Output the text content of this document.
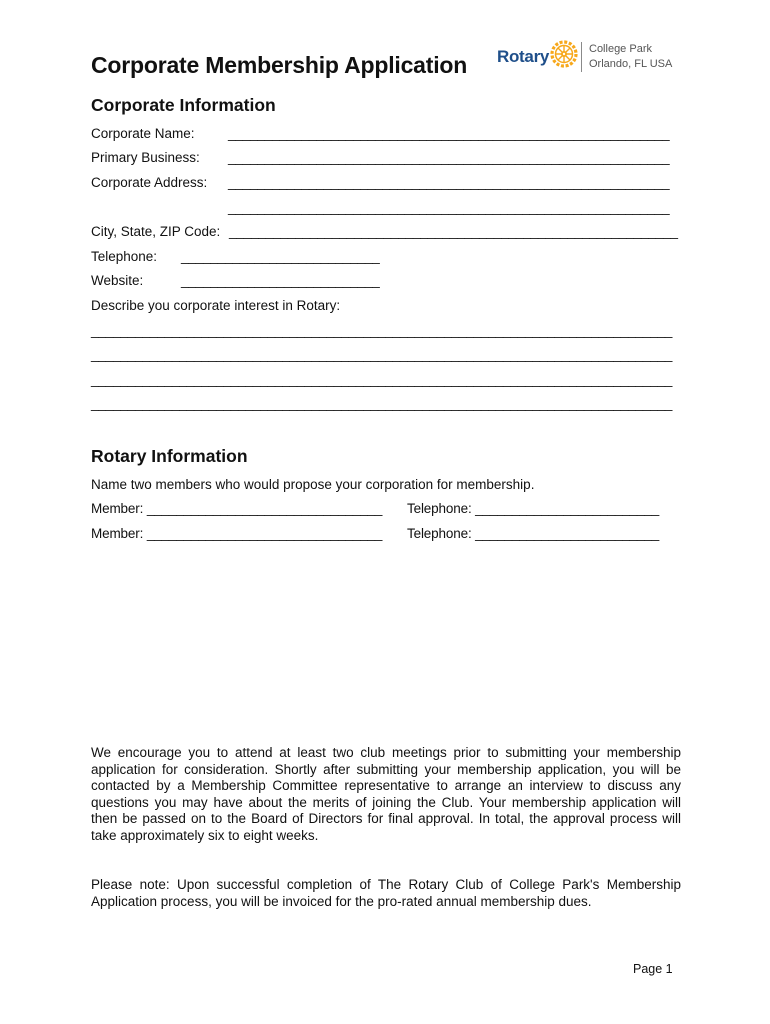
Corporate Membership Application Rotary	College Park
Orlando, FL USA
Corporate Information
Corporate Name: ____________________________________________________________
Primary Business: ____________________________________________________________
Corporate Address: ____________________________________________________________
____________________________________________________________
City, State, ZIP Code: _____________________________________________________________
Telephone: ___________________________
Website:	___________________________
Describe you corporate interest in Rotary:
_______________________________________________________________________________
_______________________________________________________________________________
_______________________________________________________________________________
_______________________________________________________________________________
Rotary Information
Name two members who would propose your corporation for membership.
Member: ________________________________ Telephone: _________________________
Member: ________________________________ Telephone: _________________________
We encourage you to attend at least two club meetings prior to submitting your membership application for consideration. Shortly after submitting your membership application, you will be contacted by a Membership Committee representative to arrange an interview to discuss any questions you may have about the merits of joining the Club. Your membership application will then be passed on to the Board of Directors for final approval. In total, the approval process will take approximately six to eight weeks.
Please note: Upon successful completion of The Rotary Club of College Park's Membership Application process, you will be invoiced for the pro-rated annual membership dues.
Page 1
